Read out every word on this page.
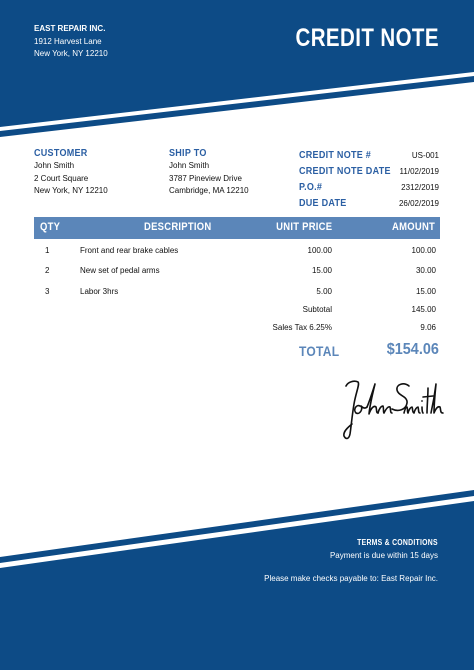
EAST REPAIR INC.
1912 Harvest Lane
New York, NY 12210
CREDIT NOTE
CUSTOMER
John Smith
2 Court Square
New York, NY 12210
SHIP TO
John Smith
3787 Pineview Drive
Cambridge, MA 12210
CREDIT NOTE #	US-001
CREDIT NOTE DATE 11/02/2019
P.O.#	2312/2019
DUE DATE	26/02/2019
QTY	DESCRIPTION	UNIT PRICE	AMOUNT
1	Front and rear brake cables	100.00	100.00
2	New set of pedal arms	15.00	30.00
3	Labor 3hrs	5.00	15.00
Subtotal	145.00
Sales Tax 6.25%	9.06
TOTAL	$154.06
TERMS & CONDITIONS
Payment is due within 15 days
Please make checks payable to: East Repair Inc.
